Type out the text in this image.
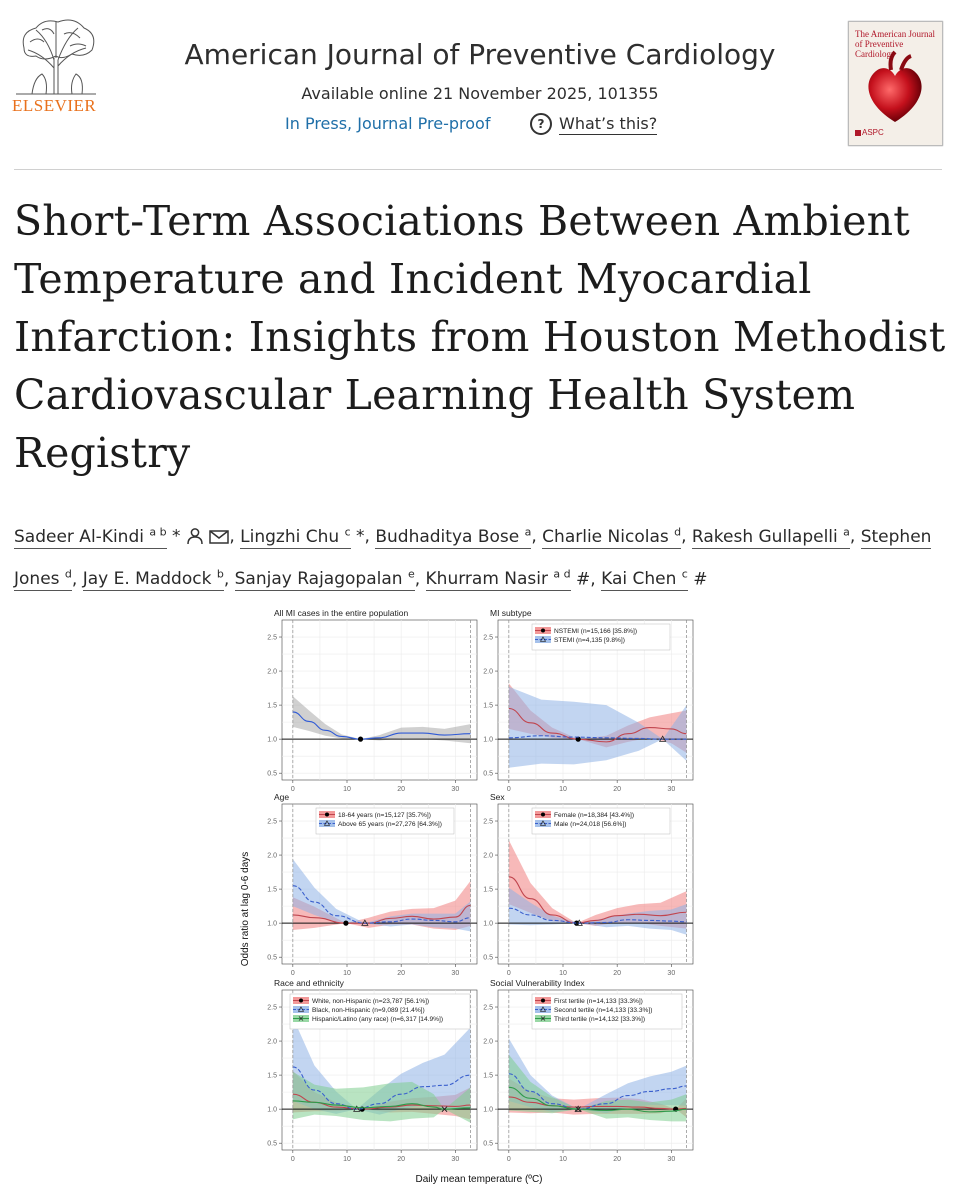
ELSEVIER
American Journal of Preventive Cardiology
Available online 21 November 2025, 101355
In Press, Journal Pre-proof	? What’s this?
The American Journal of Preventive Cardiology
ASPC
Short-Term Associations Between Ambient Temperature and Incident Myocardial Infarction: Insights from Houston Methodist Cardiovascular Learning Health System Registry
Sadeer Al-Kindi $^{a b}$ *	, Lingzhi Chu $^c$ *, Budhaditya Bose $^a$, Charlie Nicolas $^d$, Rakesh Gullapelli $^a$, Stephen Jones $^d$, Jay E. Maddock $^b$, Sanjay Rajagopalan $^e$, Khurram Nasir $^{a d}$ #, Kai Chen $^c$ #
Odds ratio at lag 0-6 days
Daily mean temperature (ºC)
All MI cases in the entire population
0.5
1.0
1.5
2.0
2.5
0	10	20	30
MI subtype
0.5
1.0
1.5
2.0
2.5
0	10	20	30
NSTEMI (n=15,166 [35.8%])
STEMI (n=4,135 [9.8%])
Age
0.5
1.0
1.5
2.0
2.5
0	10	20	30
18-64 years (n=15,127 [35.7%])
Above 65 years (n=27,276 [64.3%])
Sex
0.5
1.0
1.5
2.0
2.5
0	10	20	30
Female (n=18,384 [43.4%])
Male (n=24,018 [56.6%])
Race and ethnicity
0.5
1.0
1.5
2.0
2.5
0	10	20	30
White, non-Hispanic (n=23,787 [56.1%])
Black, non-Hispanic (n=9,089 [21.4%])
Hispanic/Latino (any race) (n=6,317 [14.9%])
Social Vulnerability Index
0.5
1.0
1.5
2.0
2.5
0	10	20	30
First tertile (n=14,133 [33.3%])
Second tertile (n=14,133 [33.3%])
Third tertile (n=14,132 [33.3%])
